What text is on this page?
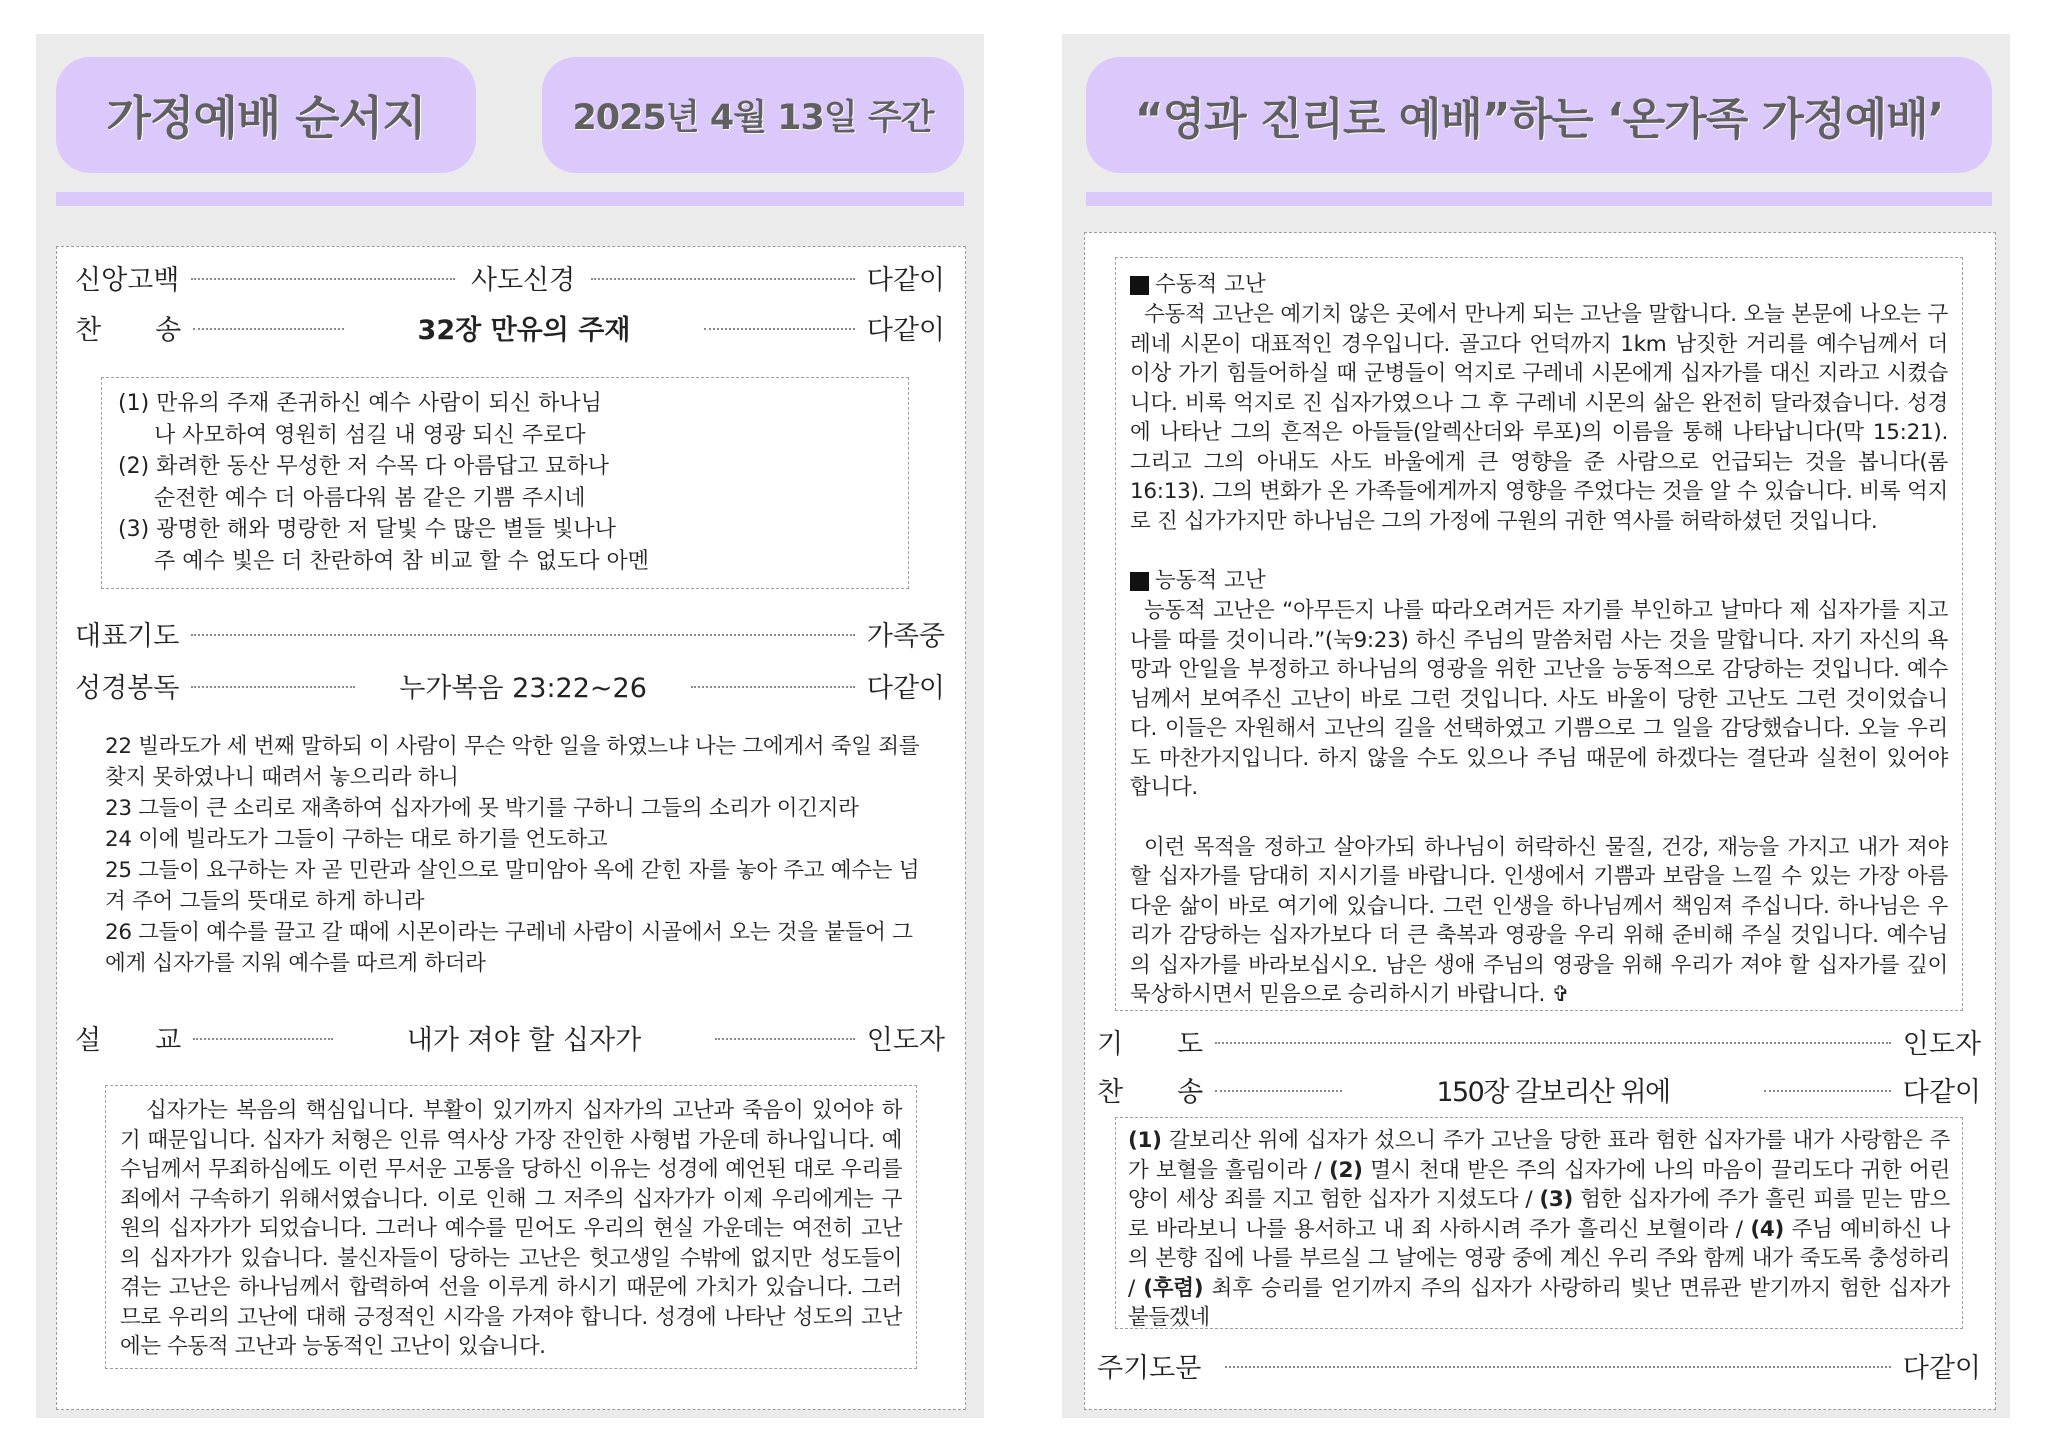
가정예배 순서지	2025년 4월 13일 주간
신앙고백	사도신경	다같이
찬　　송	32장 만유의 주재	다같이

(1) 만유의 주재 존귀하신 예수 사람이 되신 하나님

나 사모하여 영원히 섬길 내 영광 되신 주로다

(2) 화려한 동산 무성한 저 수목 다 아름답고 묘하나

순전한 예수 더 아름다워 봄 같은 기쁨 주시네

(3) 광명한 해와 명랑한 저 달빛 수 많은 별들 빛나나

주 예수 빛은 더 찬란하여 참 비교 할 수 없도다 아멘

대표기도	가족중
성경봉독	누가복음 23:22~26	다같이

22 빌라도가 세 번째 말하되 이 사람이 무슨 악한 일을 하였느냐 나는 그에게서 죽일 죄를

찾지 못하였나니 때려서 놓으리라 하니

23 그들이 큰 소리로 재촉하여 십자가에 못 박기를 구하니 그들의 소리가 이긴지라

24 이에 빌라도가 그들이 구하는 대로 하기를 언도하고

25 그들이 요구하는 자 곧 민란과 살인으로 말미암아 옥에 갇힌 자를 놓아 주고 예수는 넘

겨 주어 그들의 뜻대로 하게 하니라

26 그들이 예수를 끌고 갈 때에 시몬이라는 구레네 사람이 시골에서 오는 것을 붙들어 그

에게 십자가를 지워 예수를 따르게 하더라

설　　교	내가 져야 할 십자가	인도자

십자가는 복음의 핵심입니다. 부활이 있기까지 십자가의 고난과 죽음이 있어야 하기 때문입니다. 십자가 처형은 인류 역사상 가장 잔인한 사형법 가운데 하나입니다. 예수님께서 무죄하심에도 이런 무서운 고통을 당하신 이유는 성경에 예언된 대로 우리를 죄에서 구속하기 위해서였습니다. 이로 인해 그 저주의 십자가가 이제 우리에게는 구원의 십자가가 되었습니다. 그러나 예수를 믿어도 우리의 현실 가운데는 여전히 고난의 십자가가 있습니다. 불신자들이 당하는 고난은 헛고생일 수밖에 없지만 성도들이 겪는 고난은 하나님께서 합력하여 선을 이루게 하시기 때문에 가치가 있습니다. 그러므로 우리의 고난에 대해 긍정적인 시각을 가져야 합니다. 성경에 나타난 성도의 고난에는 수동적 고난과 능동적인 고난이 있습니다.

“영과 진리로 예배”하는 ‘온가족 가정예배’

수동적 고난

수동적 고난은 예기치 않은 곳에서 만나게 되는 고난을 말합니다. 오늘 본문에 나오는 구레네 시몬이 대표적인 경우입니다. 골고다 언덕까지 1km 남짓한 거리를 예수님께서 더 이상 가기 힘들어하실 때 군병들이 억지로 구레네 시몬에게 십자가를 대신 지라고 시켰습니다. 비록 억지로 진 십자가였으나 그 후 구레네 시몬의 삶은 완전히 달라졌습니다. 성경에 나타난 그의 흔적은 아들들(알렉산더와 루포)의 이름을 통해 나타납니다(막 15:21). 그리고 그의 아내도 사도 바울에게 큰 영향을 준 사람으로 언급되는 것을 봅니다(롬16:13). 그의 변화가 온 가족들에게까지 영향을 주었다는 것을 알 수 있습니다. 비록 억지로 진 십가가지만 하나님은 그의 가정에 구원의 귀한 역사를 허락하셨던 것입니다.

능동적 고난

능동적 고난은 “아무든지 나를 따라오려거든 자기를 부인하고 날마다 제 십자가를 지고 나를 따를 것이니라.”(눅9:23) 하신 주님의 말씀처럼 사는 것을 말합니다. 자기 자신의 욕망과 안일을 부정하고 하나님의 영광을 위한 고난을 능동적으로 감당하는 것입니다. 예수님께서 보여주신 고난이 바로 그런 것입니다. 사도 바울이 당한 고난도 그런 것이었습니다. 이들은 자원해서 고난의 길을 선택하였고 기쁨으로 그 일을 감당했습니다. 오늘 우리도 마찬가지입니다. 하지 않을 수도 있으나 주님 때문에 하겠다는 결단과 실천이 있어야 합니다.

이런 목적을 정하고 살아가되 하나님이 허락하신 물질, 건강, 재능을 가지고 내가 져야 할 십자가를 담대히 지시기를 바랍니다. 인생에서 기쁨과 보람을 느낄 수 있는 가장 아름다운 삶이 바로 여기에 있습니다. 그런 인생을 하나님께서 책임져 주십니다. 하나님은 우리가 감당하는 십자가보다 더 큰 축복과 영광을 우리 위해 준비해 주실 것입니다. 예수님의 십자가를 바라보십시오. 남은 생애 주님의 영광을 위해 우리가 져야 할 십자가를 깊이 묵상하시면서 믿음으로 승리하시기 바랍니다. ✞

기　　도	인도자
찬　　송	150장 갈보리산 위에	다같이

(1) 갈보리산 위에 십자가 섰으니 주가 고난을 당한 표라 험한 십자가를 내가 사랑함은 주가 보혈을 흘림이라 / (2) 멸시 천대 받은 주의 십자가에 나의 마음이 끌리도다 귀한 어린양이 세상 죄를 지고 험한 십자가 지셨도다 / (3) 험한 십자가에 주가 흘린 피를 믿는 맘으로 바라보니 나를 용서하고 내 죄 사하시려 주가 흘리신 보혈이라 / (4) 주님 예비하신 나의 본향 집에 나를 부르실 그 날에는 영광 중에 계신 우리 주와 함께 내가 죽도록 충성하리 / (후렴) 최후 승리를 얻기까지 주의 십자가 사랑하리 빛난 면류관 받기까지 험한 십자가 붙들겠네

주기도문	다같이
